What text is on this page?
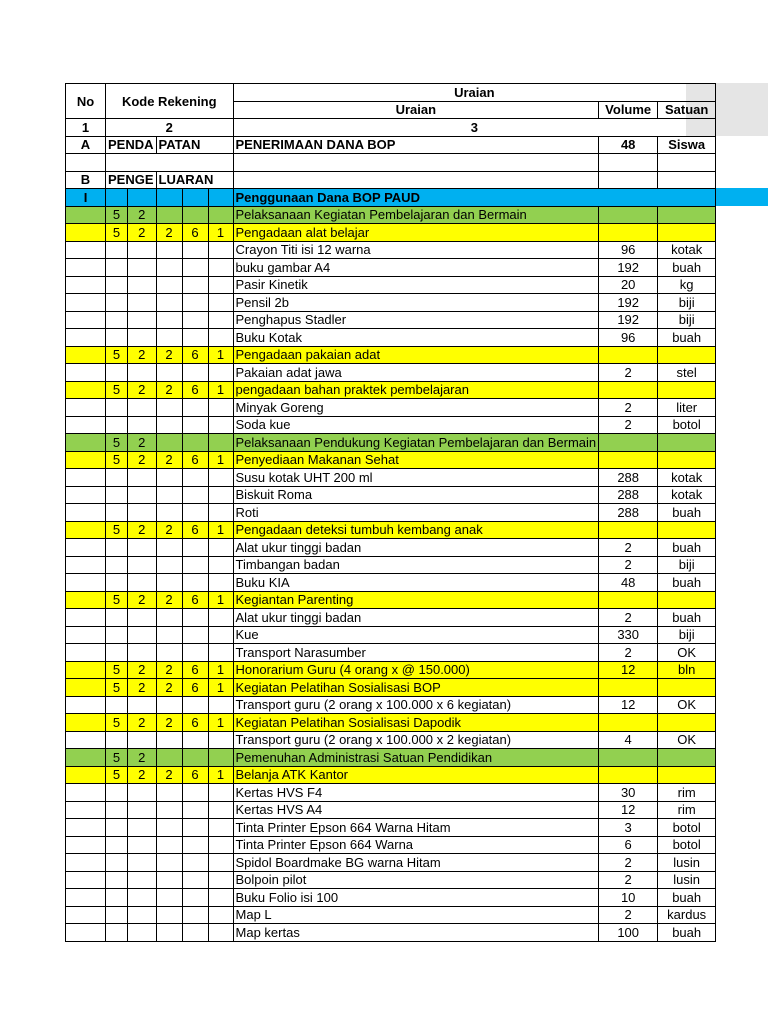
No	Kode Rekening					Uraian		
						Uraian	Volume	Satuan
1	2					3		
A	PENDA		PATAN			PENERIMAAN DANA BOP	48	Siswa

B	PENGE		LUARAN					
I						Penggunaan Dana BOP PAUD		
	5	2				Pelaksanaan Kegiatan Pembelajaran dan Bermain		
	5	2	2	6	1	Pengadaan alat belajar		
						Crayon Titi isi 12 warna	96	kotak
						buku gambar A4	192	buah
						Pasir Kinetik	20	kg
						Pensil 2b	192	biji
						Penghapus Stadler	192	biji
						Buku Kotak	96	buah
	5	2	2	6	1	Pengadaan pakaian adat		
						Pakaian adat jawa	2	stel
	5	2	2	6	1	pengadaan bahan praktek pembelajaran		
						Minyak Goreng	2	liter
						Soda kue	2	botol
	5	2				Pelaksanaan Pendukung Kegiatan Pembelajaran dan Bermain		
	5	2	2	6	1	Penyediaan Makanan Sehat		
						Susu kotak UHT 200 ml	288	kotak
						Biskuit Roma	288	kotak
						Roti	288	buah
	5	2	2	6	1	Pengadaan deteksi tumbuh kembang anak		
						Alat ukur tinggi badan	2	buah
						Timbangan badan	2	biji
						Buku KIA	48	buah
	5	2	2	6	1	Kegiantan Parenting		
						Alat ukur tinggi badan	2	buah
						Kue	330	biji
						Transport Narasumber	2	OK
	5	2	2	6	1	Honorarium Guru (4 orang x @ 150.000)	12	bln
	5	2	2	6	1	Kegiatan Pelatihan Sosialisasi BOP		
						Transport guru (2 orang x 100.000 x 6 kegiatan)	12	OK
	5	2	2	6	1	Kegiatan Pelatihan Sosialisasi Dapodik		
						Transport guru (2 orang x 100.000 x 2 kegiatan)	4	OK
	5	2				Pemenuhan Administrasi Satuan Pendidikan		
	5	2	2	6	1	Belanja ATK Kantor		
						Kertas HVS F4	30	rim
						Kertas HVS A4	12	rim
						Tinta Printer Epson 664 Warna Hitam	3	botol
						Tinta Printer Epson 664 Warna	6	botol
						Spidol Boardmake BG warna Hitam	2	lusin
						Bolpoin pilot	2	lusin
						Buku Folio isi 100	10	buah
						Map L	2	kardus
						Map kertas	100	buah
